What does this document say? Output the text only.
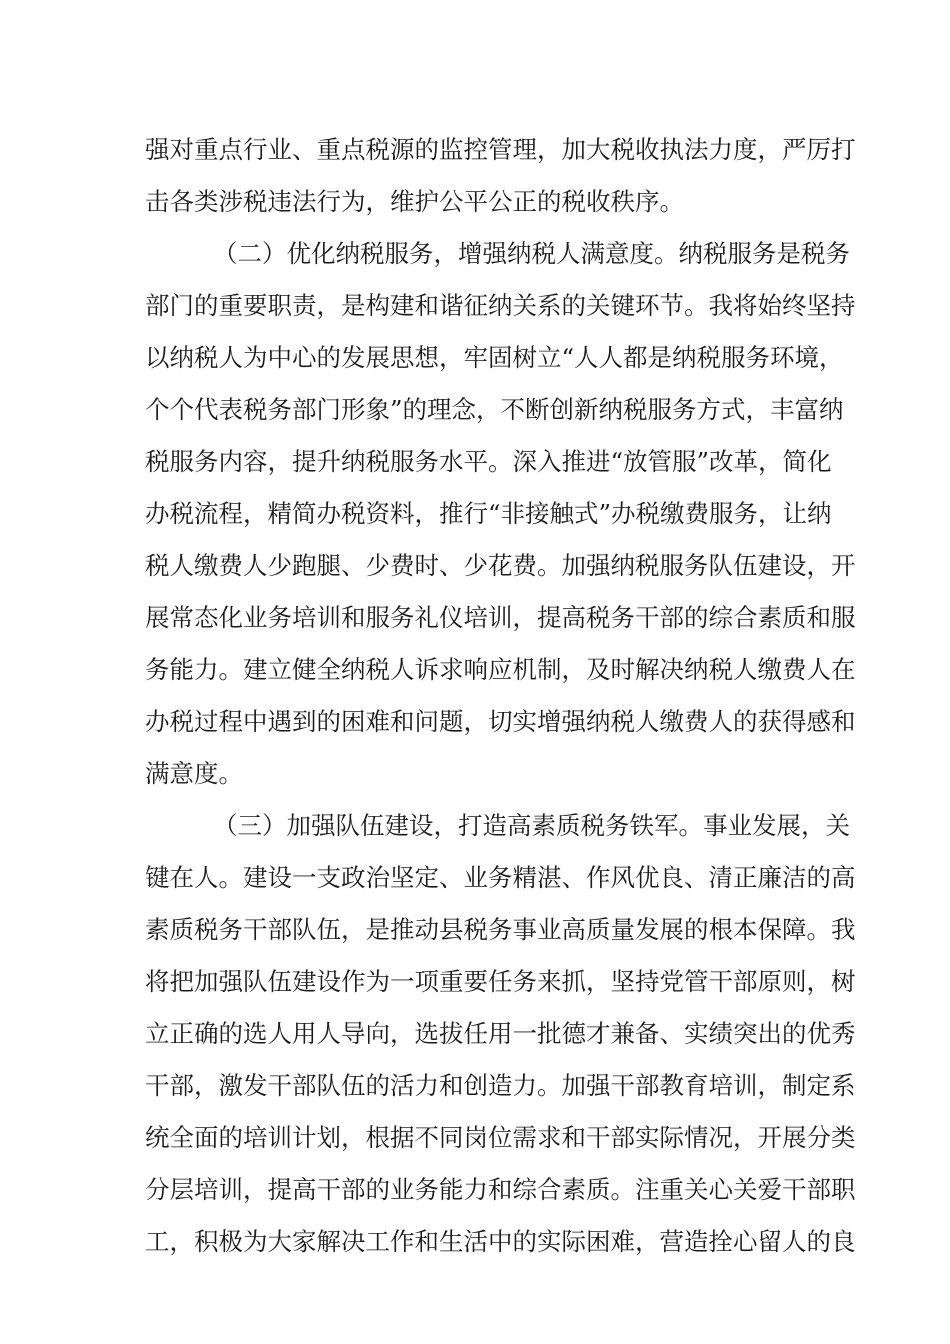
强对重点行业、重点税源的监控管理，加大税收执法力度，严厉打
击各类涉税违法行为，维护公平公正的税收秩序。
（二）优化纳税服务，增强纳税人满意度。纳税服务是税务
部门的重要职责，是构建和谐征纳关系的关键环节。我将始终坚持
以纳税人为中心的发展思想，牢固树立“人人都是纳税服务环境，
个个代表税务部门形象”的理念，不断创新纳税服务方式，丰富纳
税服务内容，提升纳税服务水平。深入推进“放管服”改革，简化
办税流程，精简办税资料，推行“非接触式”办税缴费服务，让纳
税人缴费人少跑腿、少费时、少花费。加强纳税服务队伍建设，开
展常态化业务培训和服务礼仪培训，提高税务干部的综合素质和服
务能力。建立健全纳税人诉求响应机制，及时解决纳税人缴费人在
办税过程中遇到的困难和问题，切实增强纳税人缴费人的获得感和
满意度。
（三）加强队伍建设，打造高素质税务铁军。事业发展，关
键在人。建设一支政治坚定、业务精湛、作风优良、清正廉洁的高
素质税务干部队伍，是推动县税务事业高质量发展的根本保障。我
将把加强队伍建设作为一项重要任务来抓，坚持党管干部原则，树
立正确的选人用人导向，选拔任用一批德才兼备、实绩突出的优秀
干部，激发干部队伍的活力和创造力。加强干部教育培训，制定系
统全面的培训计划，根据不同岗位需求和干部实际情况，开展分类
分层培训，提高干部的业务能力和综合素质。注重关心关爱干部职
工，积极为大家解决工作和生活中的实际困难，营造拴心留人的良
